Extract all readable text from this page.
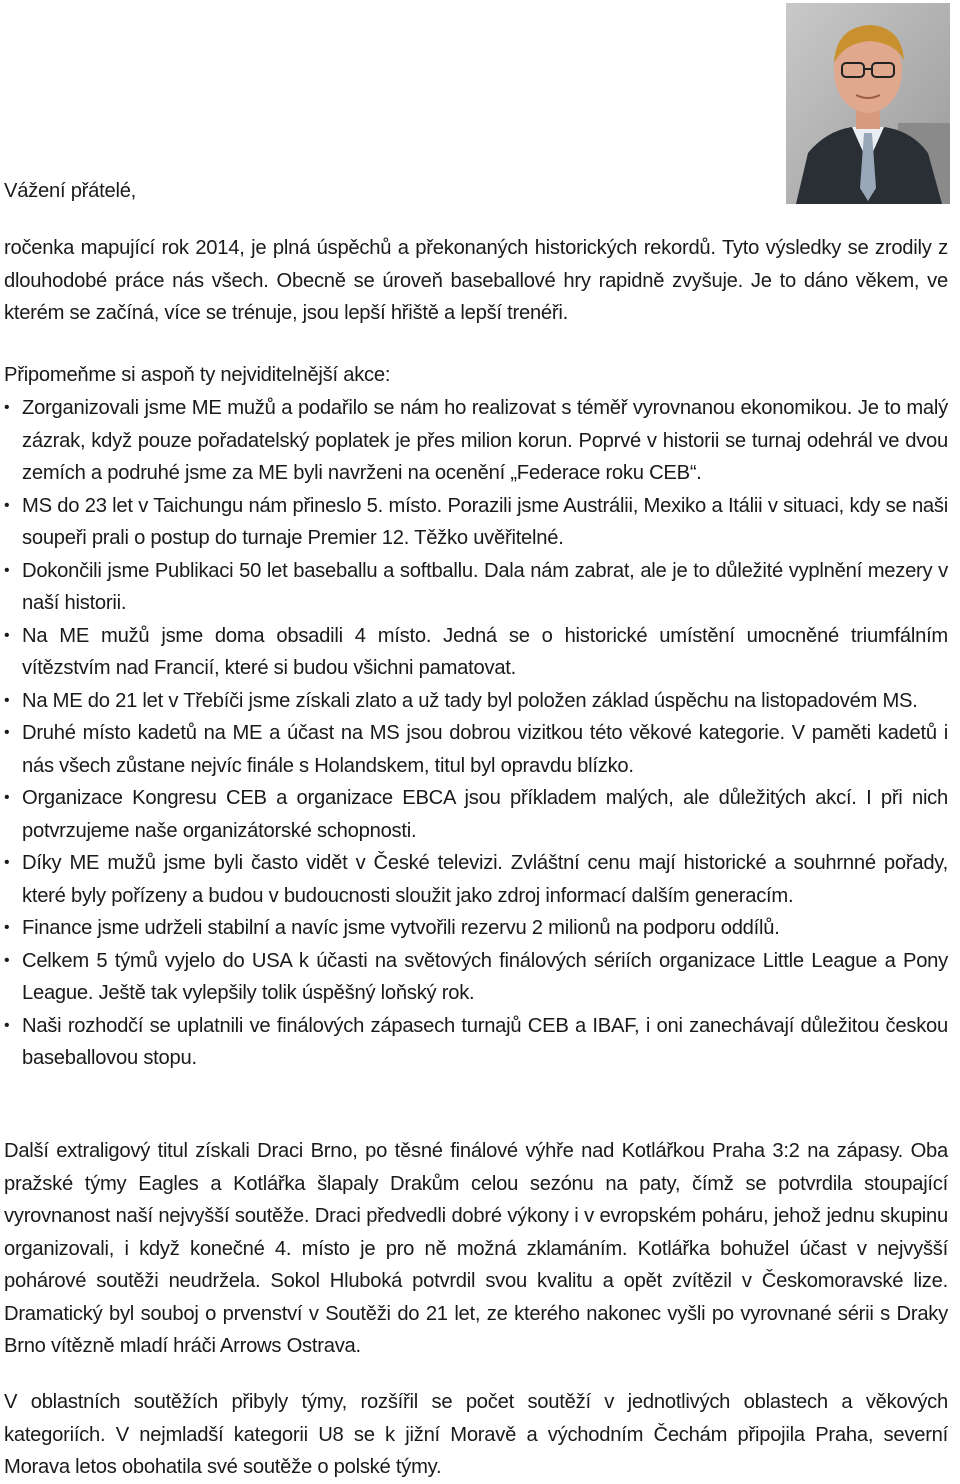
Vážení přátelé,

ročenka mapující rok 2014, je plná úspěchů a překonaných historických rekordů. Tyto výsledky se zrodily z dlouhodobé práce nás všech. Obecně se úroveň baseballové hry rapidně zvyšuje. Je to dáno věkem, ve kterém se začíná, více se trénuje, jsou lepší hřiště a lepší trenéři.

Připomeňme si aspoň ty nejviditelnější akce:

• Zorganizovali jsme ME mužů a podařilo se nám ho realizovat s téměř vyrovnanou ekonomikou. Je to malý zázrak, když pouze pořadatelský poplatek je přes milion korun. Poprvé v historii se turnaj odehrál ve dvou zemích a podruhé jsme za ME byli navrženi na ocenění „Federace roku CEB“.
• MS do 23 let v Taichungu nám přineslo 5. místo. Porazili jsme Austrálii, Mexiko a Itálii v situaci, kdy se naši soupeři prali o postup do turnaje Premier 12. Těžko uvěřitelné.
• Dokončili jsme Publikaci 50 let baseballu a softballu. Dala nám zabrat, ale je to důležité vyplnění mezery v naší historii.
• Na ME mužů jsme doma obsadili 4 místo. Jedná se o historické umístění umocněné triumfálním vítězstvím nad Francií, které si budou všichni pamatovat.
• Na ME do 21 let v Třebíči jsme získali zlato a už tady byl položen základ úspěchu na listopadovém MS.
• Druhé místo kadetů na ME a účast na MS jsou dobrou vizitkou této věkové kategorie. V paměti kadetů i nás všech zůstane nejvíc finále s Holandskem, titul byl opravdu blízko.
• Organizace Kongresu CEB a organizace EBCA jsou příkladem malých, ale důležitých akcí. I při nich potvrzujeme naše organizátorské schopnosti.
• Díky ME mužů jsme byli často vidět v České televizi. Zvláštní cenu mají historické a souhrnné pořady, které byly pořízeny a budou v budoucnosti sloužit jako zdroj informací dalším generacím.
• Finance jsme udrželi stabilní a navíc jsme vytvořili rezervu 2 milionů na podporu oddílů.
• Celkem 5 týmů vyjelo do USA k účasti na světových finálových sériích organizace Little League a Pony League. Ještě tak vylepšily tolik úspěšný loňský rok.
• Naši rozhodčí se uplatnili ve finálových zápasech turnajů CEB a IBAF, i oni zanechávají důležitou českou baseballovou stopu.

Další extraligový titul získali Draci Brno, po těsné finálové výhře nad Kotlářkou Praha 3:2 na zápasy. Oba pražské týmy Eagles a Kotlářka šlapaly Drakům celou sezónu na paty, čímž se potvrdila stoupající vyrovnanost naší nejvyšší soutěže. Draci předvedli dobré výkony i v evropském poháru, jehož jednu skupinu organizovali, i když konečné 4. místo je pro ně možná zklamáním. Kotlářka bohužel účast v nejvyšší pohárové soutěži neudržela. Sokol Hluboká potvrdil svou kvalitu a opět zvítězil v Českomoravské lize. Dramatický byl souboj o prvenství v Soutěži do 21 let, ze kterého nakonec vyšli po vyrovnané sérii s Draky Brno vítězně mladí hráči Arrows Ostrava.

V oblastních soutěžích přibyly týmy, rozšířil se počet soutěží v jednotlivých oblastech a věkových kategoriích. V nejmladší kategorii U8 se k jižní Moravě a východním Čechám připojila Praha, severní Morava letos obohatila své soutěže o polské týmy.
